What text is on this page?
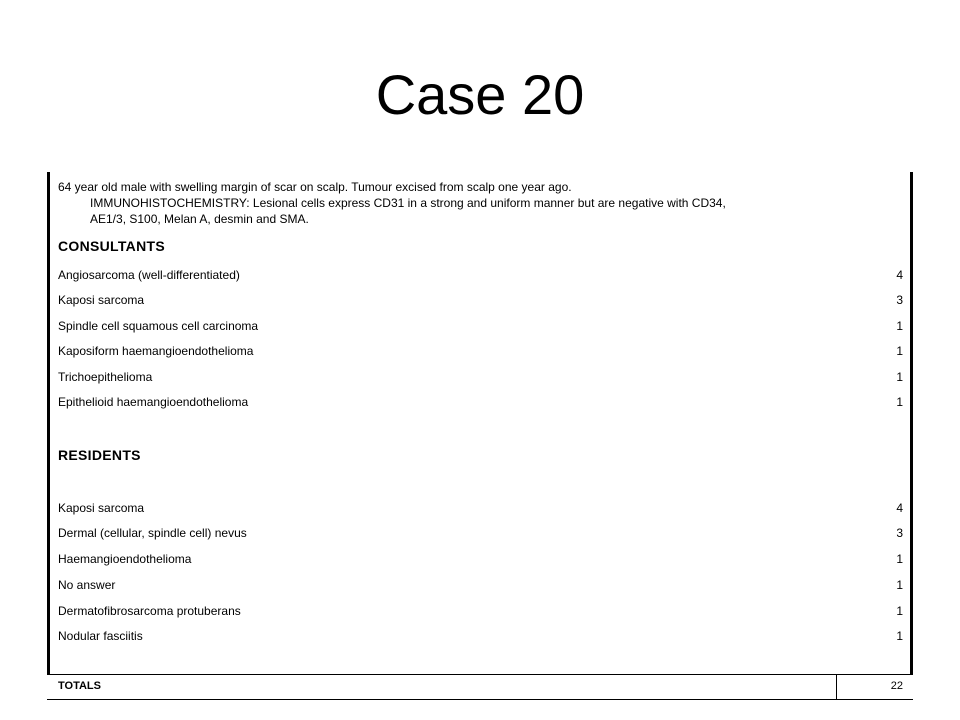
Case 20
64 year old male with swelling margin of scar on scalp. Tumour excised from scalp one year ago.
IMMUNOHISTOCHEMISTRY: Lesional cells express CD31 in a strong and uniform manner but are negative with CD34,
AE1/3, S100, Melan A, desmin and SMA.
CONSULTANTS
Angiosarcoma (well-differentiated)	4
Kaposi sarcoma	3
Spindle cell squamous cell carcinoma	1
Kaposiform haemangioendothelioma	1
Trichoepithelioma	1
Epithelioid haemangioendothelioma	1
RESIDENTS
Kaposi sarcoma	4
Dermal (cellular, spindle cell) nevus	3
Haemangioendothelioma	1
No answer	1
Dermatofibrosarcoma protuberans	1
Nodular fasciitis	1
TOTALS	22
